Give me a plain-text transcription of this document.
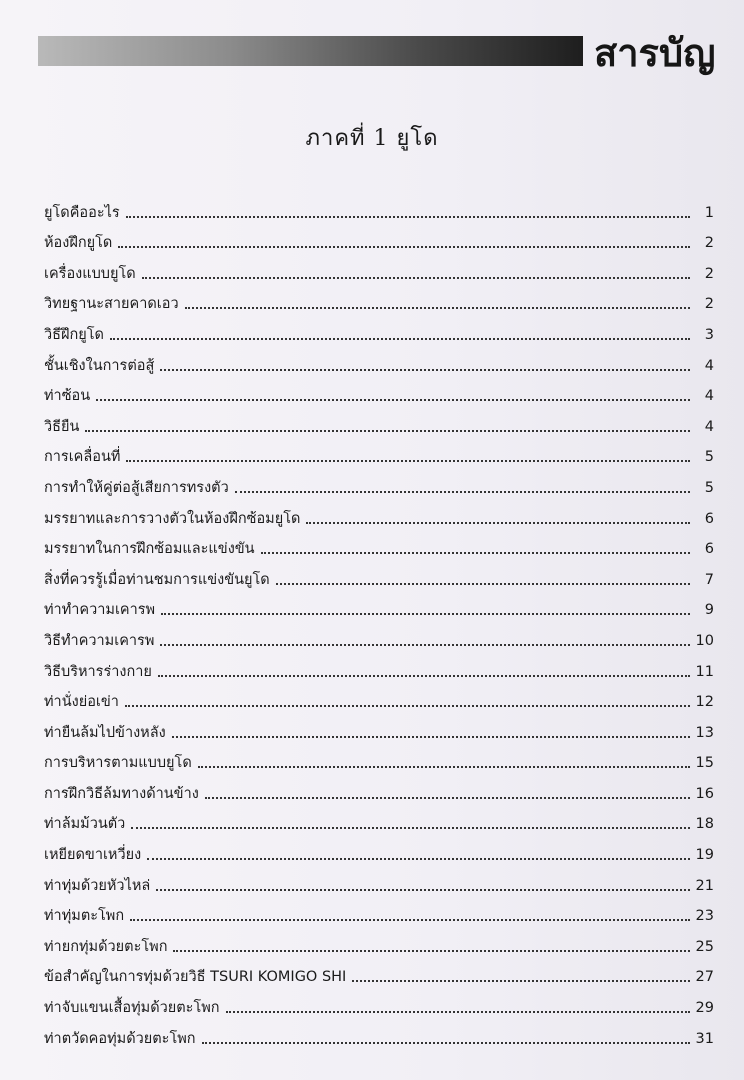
สารบัญ
ภาคที่ 1 ยูโด
ยูโดคืออะไร	1
ห้องฝึกยูโด	2
เครื่องแบบยูโด	2
วิทยฐานะสายคาดเอว	2
วิธีฝึกยูโด	3
ชั้นเชิงในการต่อสู้	4
ท่าซ้อน	4
วิธียืน	4
การเคลื่อนที่	5
การทำให้คู่ต่อสู้เสียการทรงตัว	5
มรรยาทและการวางตัวในห้องฝึกซ้อมยูโด	6
มรรยาทในการฝึกซ้อมและแข่งขัน	6
สิ่งที่ควรรู้เมื่อท่านชมการแข่งขันยูโด	7
ท่าทำความเคารพ	9
วิธีทำความเคารพ	10
วิธีบริหารร่างกาย	11
ท่านั่งย่อเข่า	12
ท่ายืนล้มไปข้างหลัง	13
การบริหารตามแบบยูโด	15
การฝึกวิธีล้มทางด้านข้าง	16
ท่าล้มม้วนตัว	18
เหยียดขาเหวี่ยง	19
ท่าทุ่มด้วยหัวไหล่	21
ท่าทุ่มตะโพก	23
ท่ายกทุ่มด้วยตะโพก	25
ข้อสำคัญในการทุ่มด้วยวิธี TSURI KOMIGO SHI	27
ท่าจับแขนเสื้อทุ่มด้วยตะโพก	29
ท่าตวัดคอทุ่มด้วยตะโพก	31
